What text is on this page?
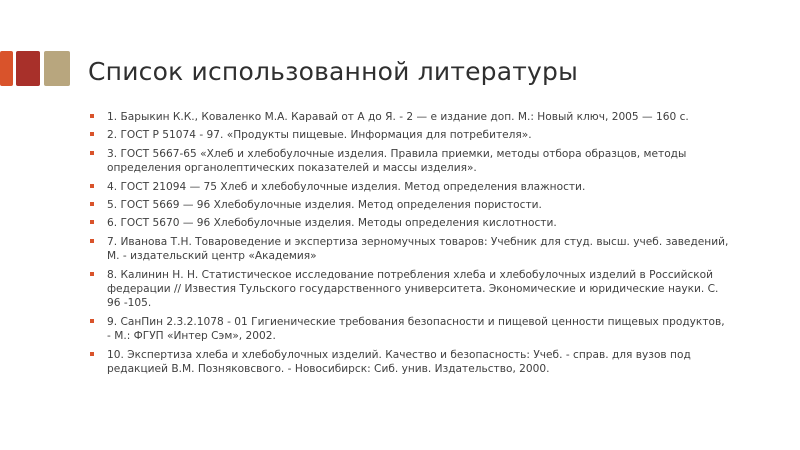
Список использованной литературы
1. Барыкин К.К., Коваленко М.А. Каравай от А до Я. - 2 — е издание доп. М.: Новый ключ, 2005 — 160 с.
2. ГОСТ Р 51074 - 97. «Продукты пищевые. Информация для потребителя».
3. ГОСТ 5667-65 «Хлеб и хлебобулочные изделия. Правила приемки, методы отбора образцов, методы определения органолептических показателей и массы изделия».
4. ГОСТ 21094 — 75 Хлеб и хлебобулочные изделия. Метод определения влажности.
5. ГОСТ 5669 — 96 Хлебобулочные изделия. Метод определения пористости.
6. ГОСТ 5670 — 96 Хлебобулочные изделия. Методы определения кислотности.
7. Иванова Т.Н. Товароведение и экспертиза зерномучных товаров: Учебник для студ. высш. учеб. заведений, М. - издательский центр «Академия»
8. Калинин Н. Н. Статистическое исследование потребления хлеба и хлебобулочных изделий в Российской федерации // Известия Тульского государственного университета. Экономические и юридические науки. С. 96 -105.
9. СанПин 2.3.2.1078 - 01 Гигиенические требования безопасности и пищевой ценности пищевых продуктов, - М.: ФГУП «Интер Сэм», 2002.
10. Экспертиза хлеба и хлебобулочных изделий. Качество и безопасность: Учеб. - справ. для вузов под редакцией В.М. Позняковсвого. - Новосибирск: Сиб. унив. Издательство, 2000.
